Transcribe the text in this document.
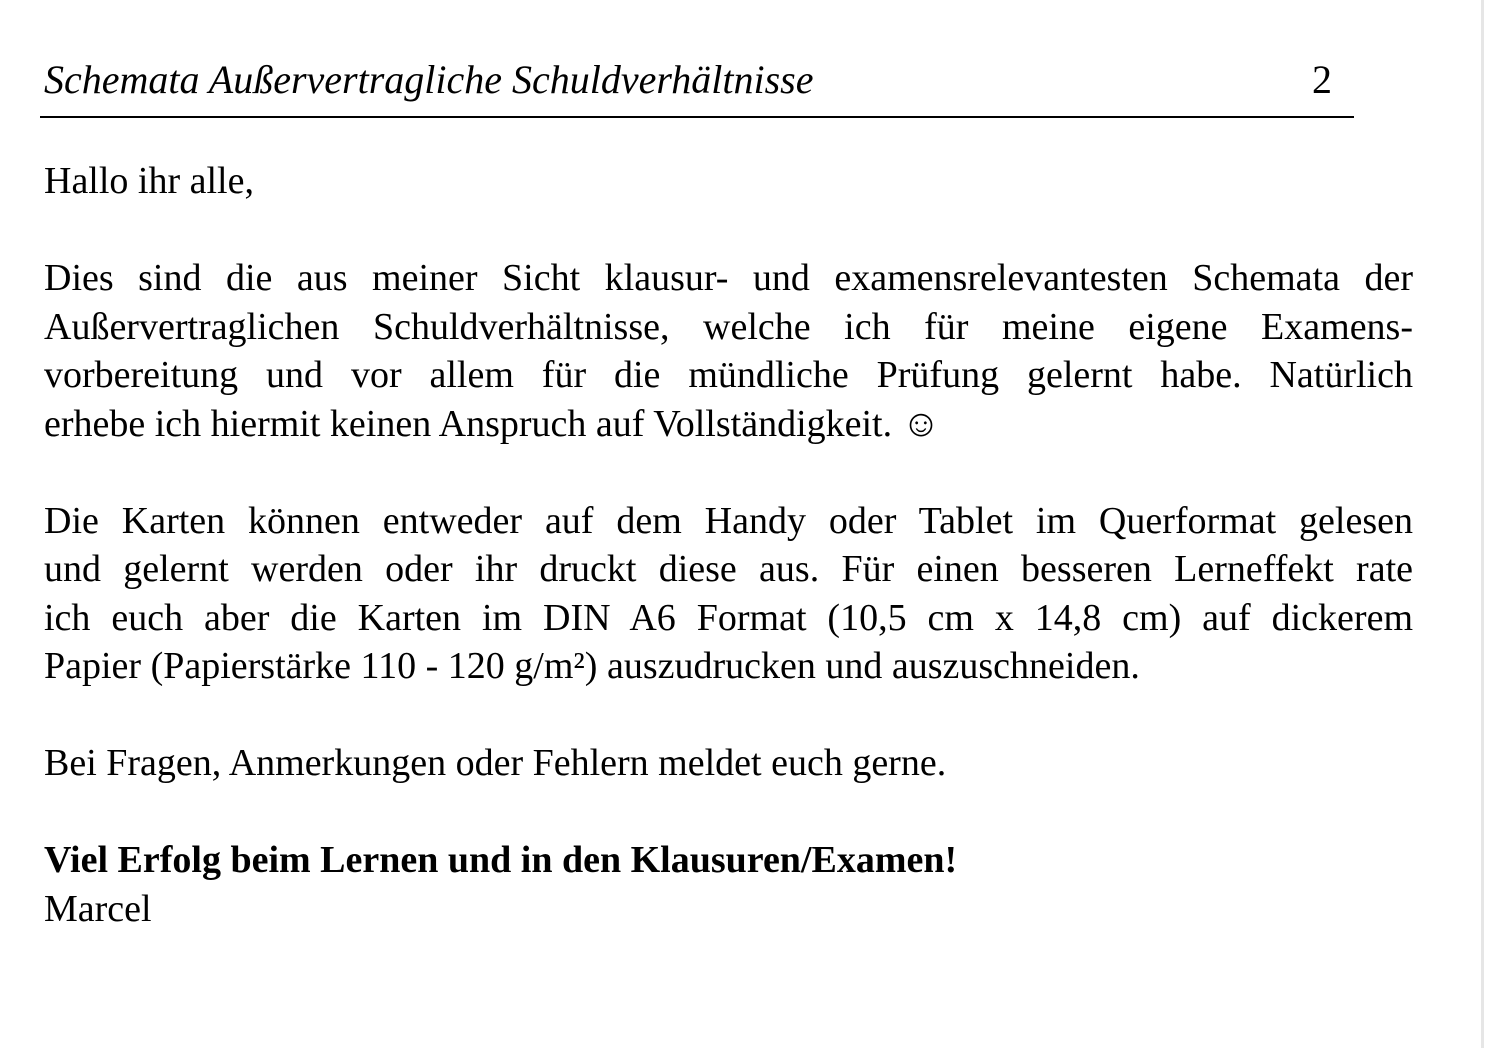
Schemata Außervertragliche Schuldverhältnisse	2

Hallo ihr alle,

Dies sind die aus meiner Sicht klausur- und examensrelevantesten Schemata der
Außervertraglichen Schuldverhältnisse, welche ich für meine eigene Examens-
vorbereitung und vor allem für die mündliche Prüfung gelernt habe. Natürlich
erhebe ich hiermit keinen Anspruch auf Vollständigkeit. ☺

Die Karten können entweder auf dem Handy oder Tablet im Querformat gelesen
und gelernt werden oder ihr druckt diese aus. Für einen besseren Lerneffekt rate
ich euch aber die Karten im DIN A6 Format (10,5 cm x 14,8 cm) auf dickerem
Papier (Papierstärke 110 - 120 g/m²) auszudrucken und auszuschneiden.

Bei Fragen, Anmerkungen oder Fehlern meldet euch gerne.

Viel Erfolg beim Lernen und in den Klausuren/Examen!

Marcel
